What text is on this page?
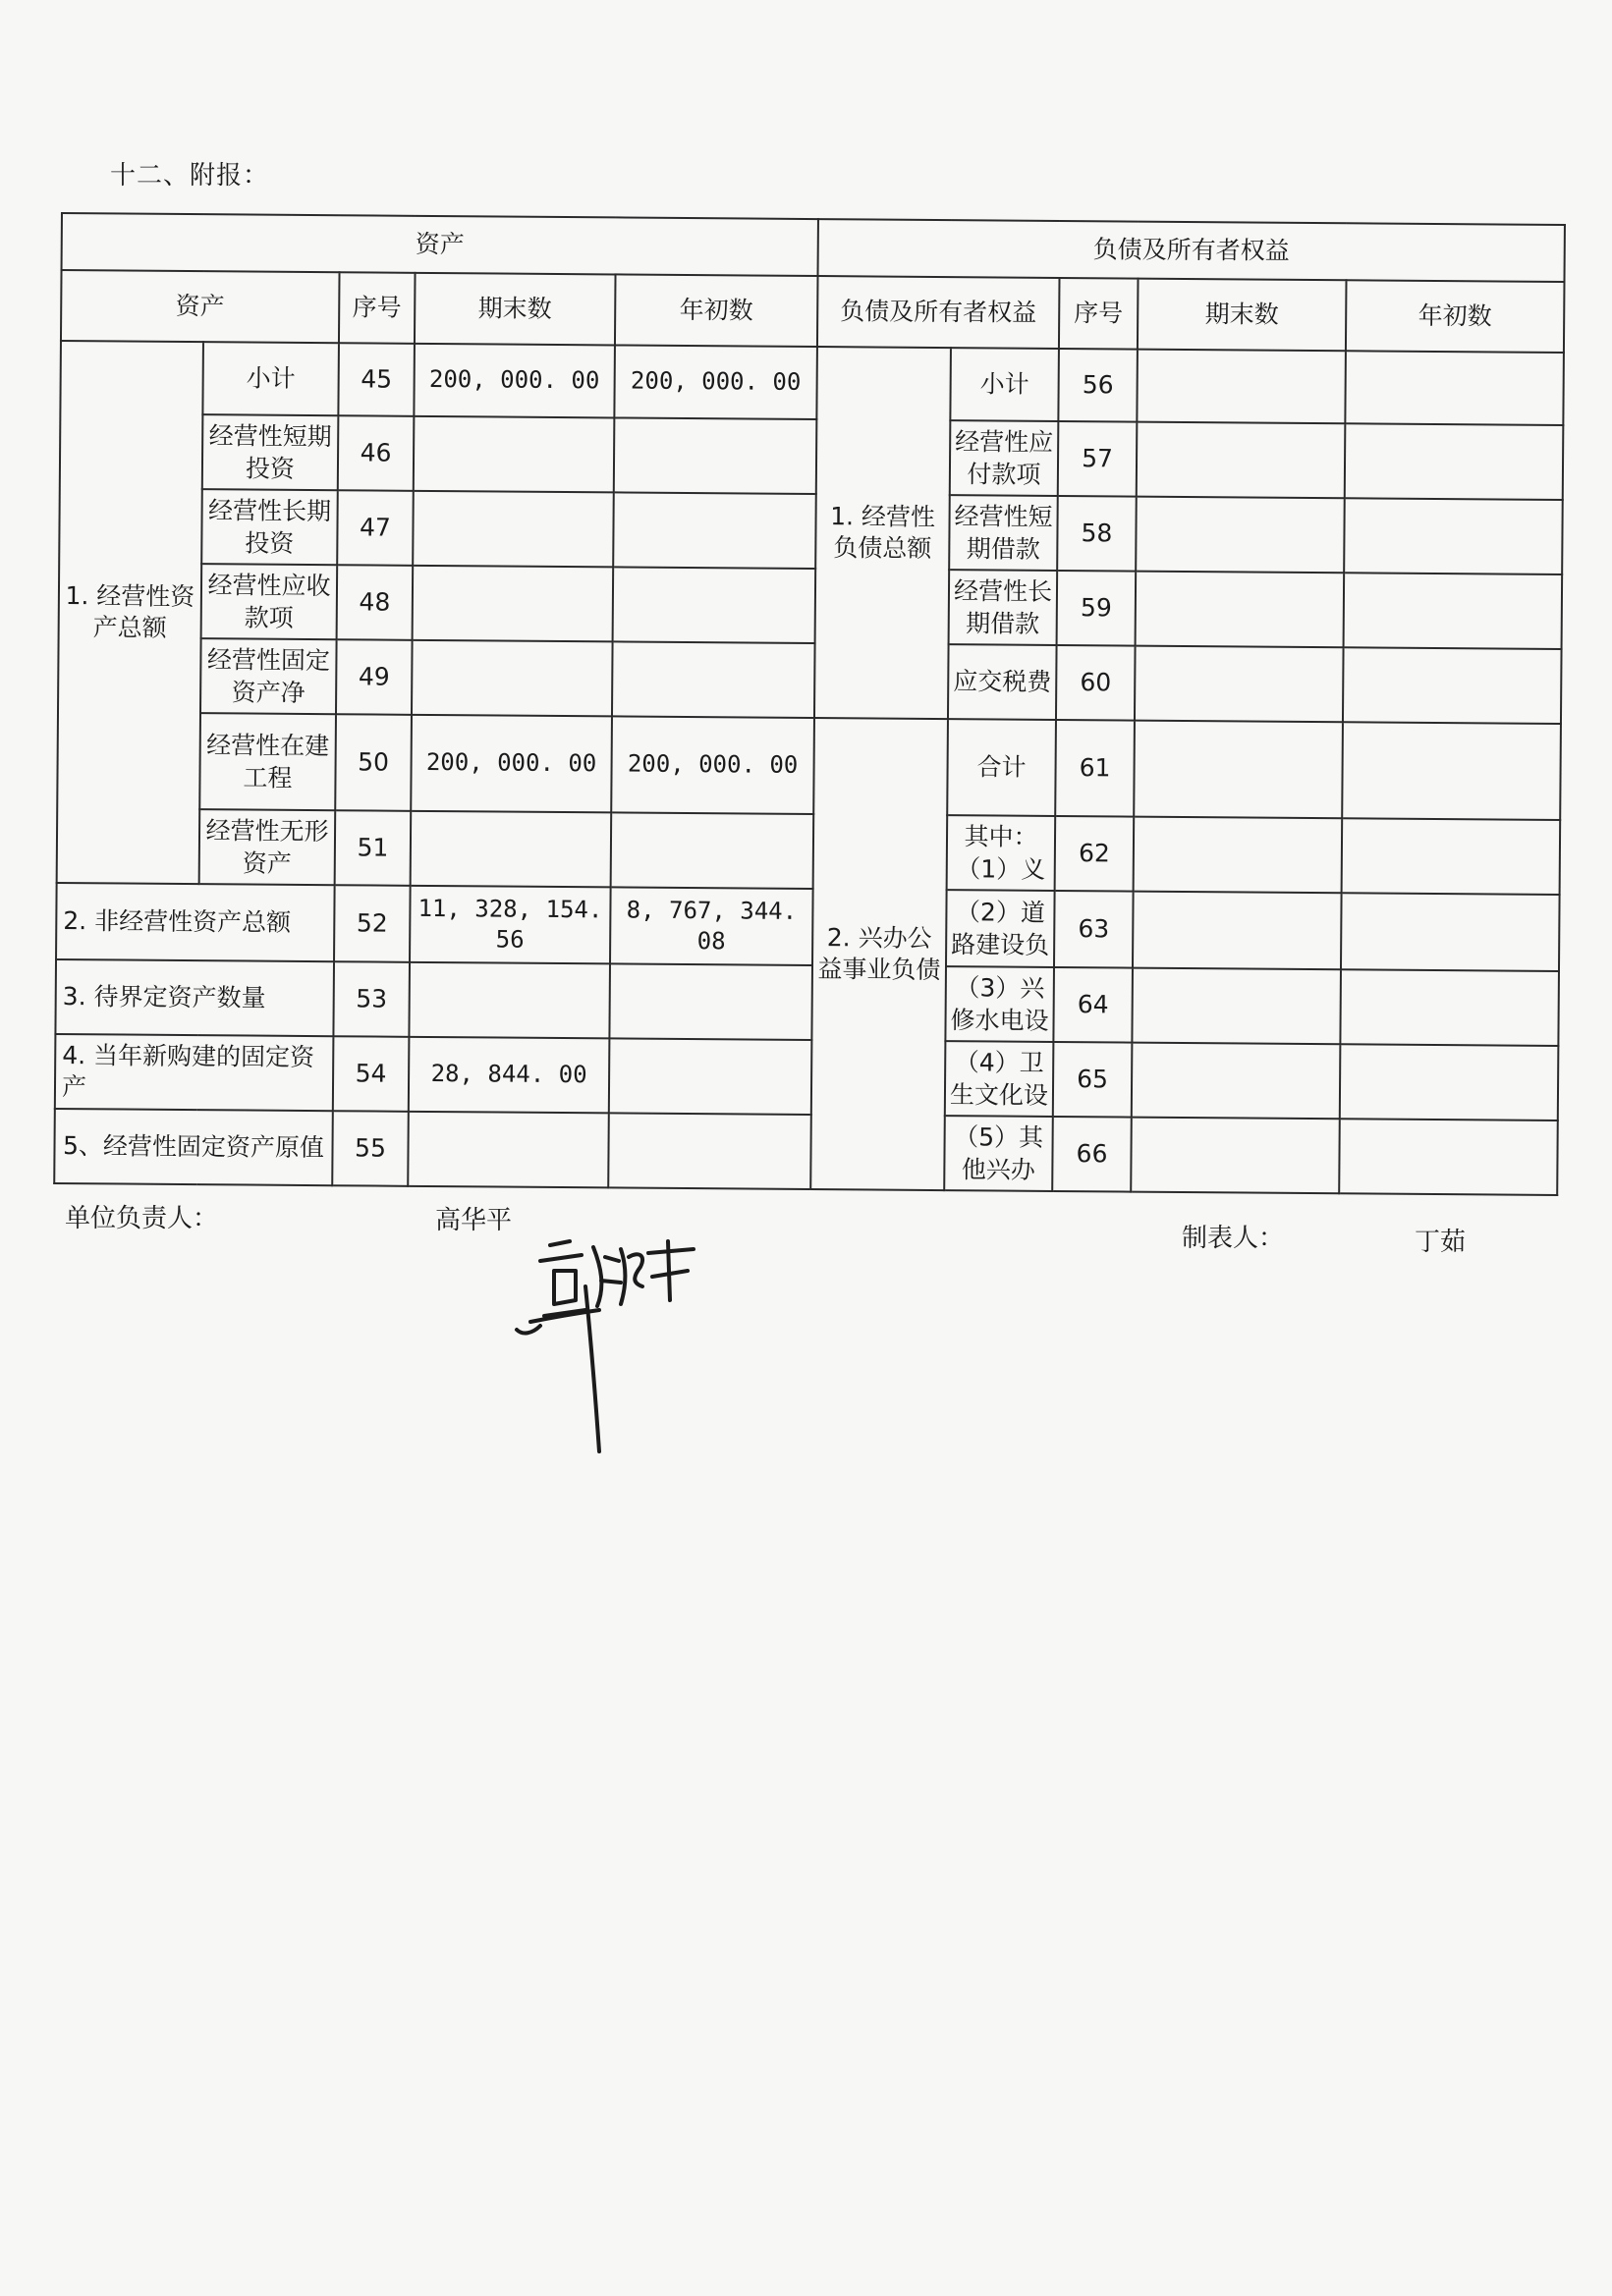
十二、附报：
资产					负债及所有者权益				
资产		序号	期末数	年初数	负债及所有者权益		序号	期末数	年初数
1. 经营性资产总额	小计	45	200, 000. 00	200, 000. 00	1. 经营性负债总额	小计	56		

	经营性短期投资	46				经营性应付款项	57		

	经营性长期投资	47				经营性短期借款	58		

	经营性应收款项	48				经营性长期借款	59		

	经营性固定资产净	49				应交税费	60		

	经营性在建工程	50	200, 000. 00	200, 000. 00	2. 兴办公益事业负债	合计	61		

	经营性无形资产	51				其中：（1）义务教育负	62		
2. 非经营性资产总额		52	11, 328, 154. 56	8, 767, 344. 08		（2）道路建设负债	63		
3. 待界定资产数量		53				（3）兴修水电设施负	64		
4. 当年新购建的固定资产		54	28, 844. 00			（4）卫生文化设施负	65		
5、经营性固定资产原值		55				（5）其他兴办	66		
单位负责人：	高华平
制表人：	丁茹
